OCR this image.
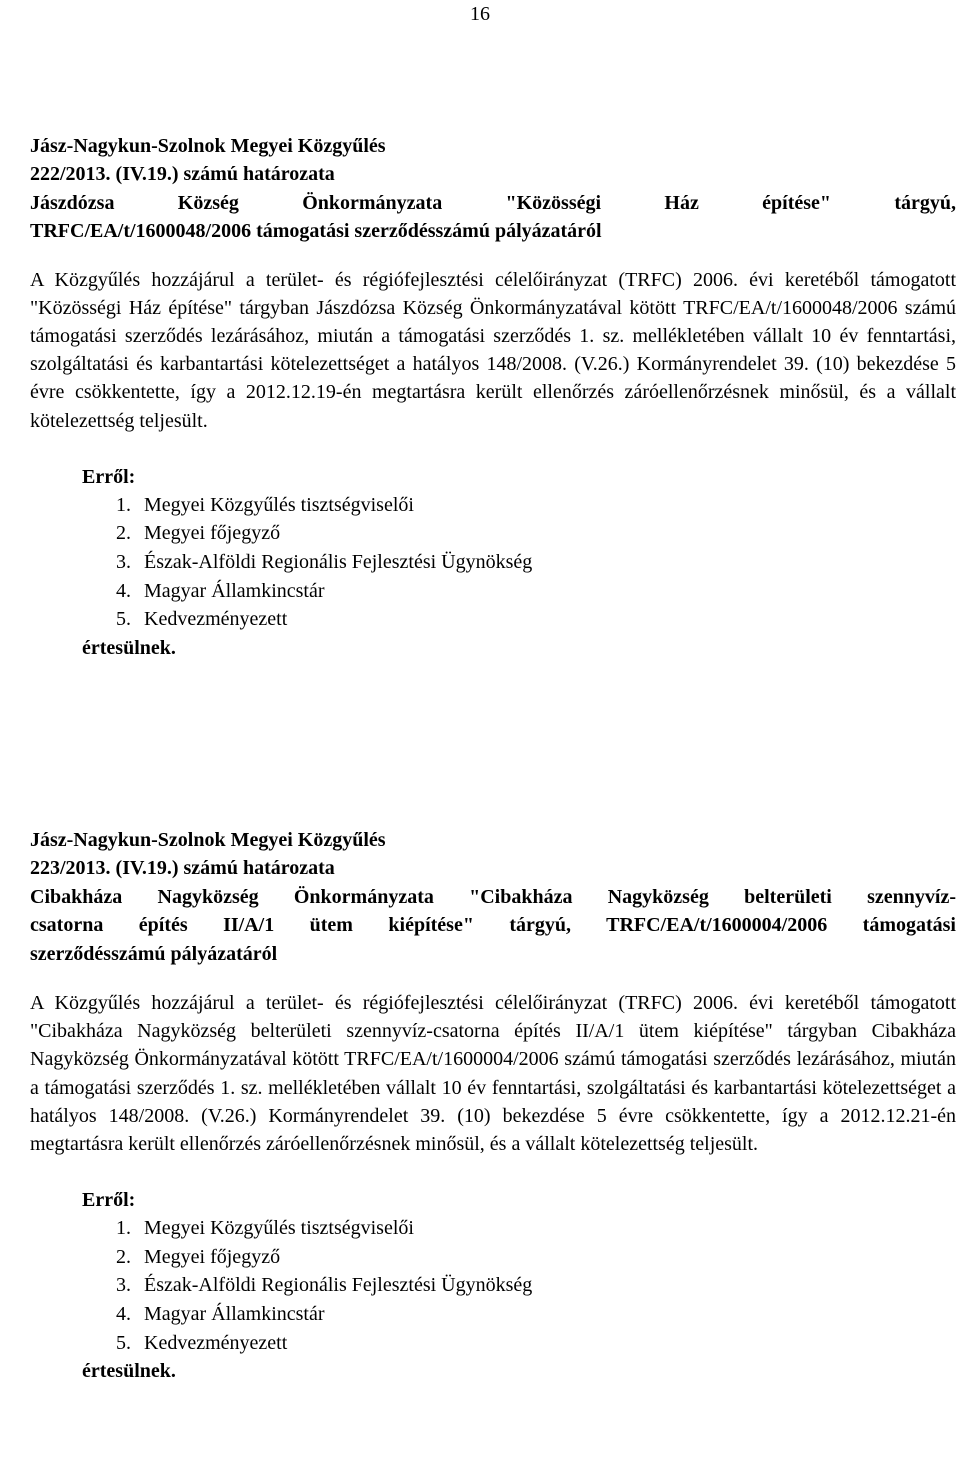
16
Jász-Nagykun-Szolnok Megyei Közgyűlés
222/2013. (IV.19.) számú határozata
Jászdózsa Község Önkormányzata "Közösségi Ház építése" tárgyú,
TRFC/EA/t/1600048/2006 támogatási szerződésszámú pályázatáról

A Közgyűlés hozzájárul a terület- és régiófejlesztési célelőirányzat (TRFC) 2006. évi keretéből támogatott "Közösségi Ház építése" tárgyban Jászdózsa Község Önkormányzatával kötött TRFC/EA/t/1600048/2006 számú támogatási szerződés lezárásához, miután a támogatási szerződés 1. sz. mellékletében vállalt 10 év fenntartási, szolgáltatási és karbantartási kötelezettséget a hatályos 148/2008. (V.26.) Kormányrendelet 39. (10) bekezdése 5 évre csökkentette, így a 2012.12.19-én megtartásra került ellenőrzés záróellenőrzésnek minősül, és a vállalt kötelezettség teljesült.

Erről:
1. Megyei Közgyűlés tisztségviselői
2. Megyei főjegyző
3. Észak-Alföldi Regionális Fejlesztési Ügynökség
4. Magyar Államkincstár
5. Kedvezményezett
értesülnek.
Jász-Nagykun-Szolnok Megyei Közgyűlés
223/2013. (IV.19.) számú határozata
Cibakháza Nagyközség Önkormányzata "Cibakháza Nagyközség belterületi szennyvíz-
csatorna építés II/A/1 ütem kiépítése" tárgyú, TRFC/EA/t/1600004/2006 támogatási
szerződésszámú pályázatáról

A Közgyűlés hozzájárul a terület- és régiófejlesztési célelőirányzat (TRFC) 2006. évi keretéből támogatott "Cibakháza Nagyközség belterületi szennyvíz-csatorna építés II/A/1 ütem kiépítése" tárgyban Cibakháza Nagyközség Önkormányzatával kötött TRFC/EA/t/1600004/2006 számú támogatási szerződés lezárásához, miután a támogatási szerződés 1. sz. mellékletében vállalt 10 év fenntartási, szolgáltatási és karbantartási kötelezettséget a hatályos 148/2008. (V.26.) Kormányrendelet 39. (10) bekezdése 5 évre csökkentette, így a 2012.12.21-én megtartásra került ellenőrzés záróellenőrzésnek minősül, és a vállalt kötelezettség teljesült.

Erről:
1. Megyei Közgyűlés tisztségviselői
2. Megyei főjegyző
3. Észak-Alföldi Regionális Fejlesztési Ügynökség
4. Magyar Államkincstár
5. Kedvezményezett
értesülnek.
